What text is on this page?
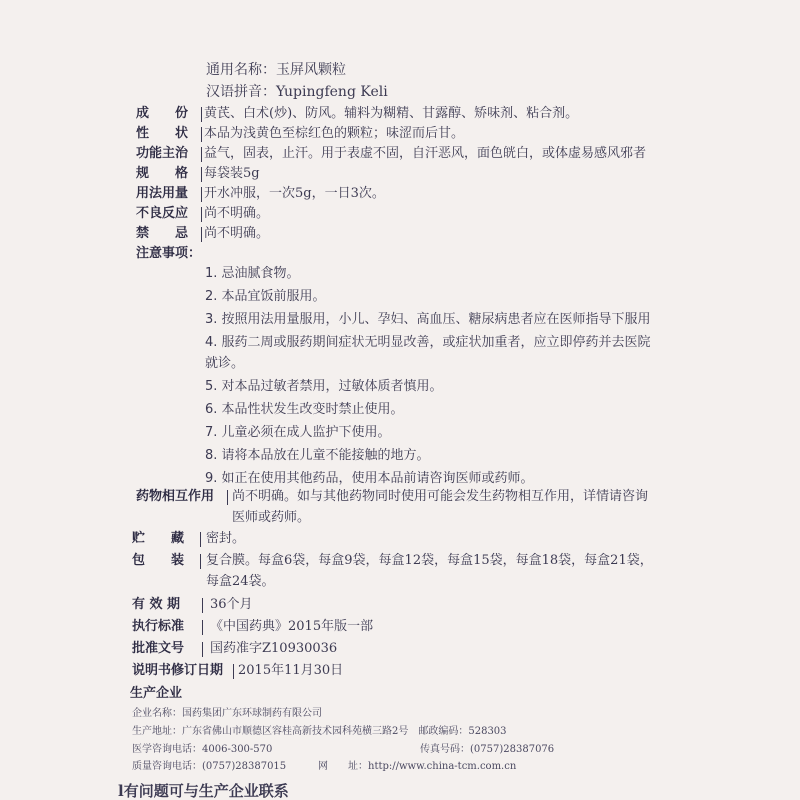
通用名称：玉屏风颗粒
汉语拼音：Yupingfeng Keli
成　　份 黄芪、白术(炒)、防风。辅料为糊精、甘露醇、矫味剂、粘合剂。
性　　状 本品为浅黄色至棕红色的颗粒；味涩而后甘。
功能主治 益气，固表，止汗。用于表虚不固，自汗恶风，面色㿠白，或体虚易感风邪者
规　　格 每袋装5g
用法用量 开水冲服，一次5g，一日3次。
不良反应 尚不明确。
禁　　忌 尚不明确。
注意事项：
1. 忌油腻食物。
2. 本品宜饭前服用。
3. 按照用法用量服用，小儿、孕妇、高血压、糖尿病患者应在医师指导下服用
4. 服药二周或服药期间症状无明显改善，或症状加重者，应立即停药并去医院
就诊。
5. 对本品过敏者禁用，过敏体质者慎用。
6. 本品性状发生改变时禁止使用。
7. 儿童必须在成人监护下使用。
8. 请将本品放在儿童不能接触的地方。
9. 如正在使用其他药品，使用本品前请咨询医师或药师。
药物相互作用 尚不明确。如与其他药物同时使用可能会发生药物相互作用，详情请咨询
医师或药师。
贮　　藏 密封。
包　　装 复合膜。每盒6袋，每盒9袋，每盒12袋，每盒15袋，每盒18袋，每盒21袋，
每盒24袋。
有 效 期 36个月
执行标准 《中国药典》2015年版一部
批准文号 国药准字Z10930036
说明书修订日期 2015年11月30日
生产企业
企业名称：国药集团广东环球制药有限公司
生产地址：广东省佛山市顺德区容桂高新技术园科苑横三路2号　邮政编码：528303
医学咨询电话：4006-300-570	传真号码：(0757)28387076
质量咨询电话：(0757)28387015	网　　址：http://www.china-tcm.com.cn
l有问题可与生产企业联系
